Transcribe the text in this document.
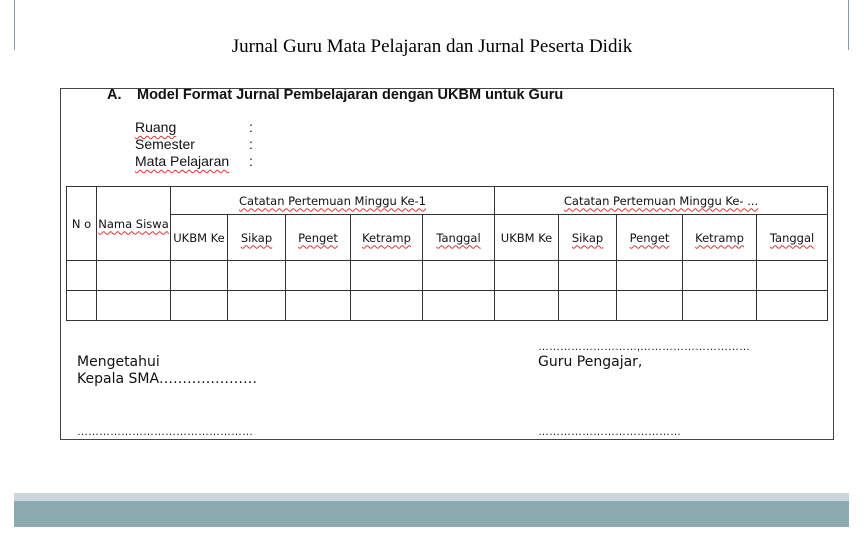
Jurnal Guru Mata Pelajaran dan Jurnal Peserta Didik
A. Model Format Jurnal Pembelajaran dengan UKBM untuk Guru
Ruang	:
Semester	:
Mata Pelajaran :
N o	Nama Siswa	Catatan Pertemuan Minggu Ke-1					Catatan Pertemuan Minggu Ke- ...				

		UKBM Ke	Sikap	Penget	Ketramp	Tanggal	UKBM Ke	Sikap	Penget	Ketramp	Tanggal

………………………,…………………………
Mengetahui
Kepala SMA…………………
Guru Pengajar,
…………………………………………	…………………………………
